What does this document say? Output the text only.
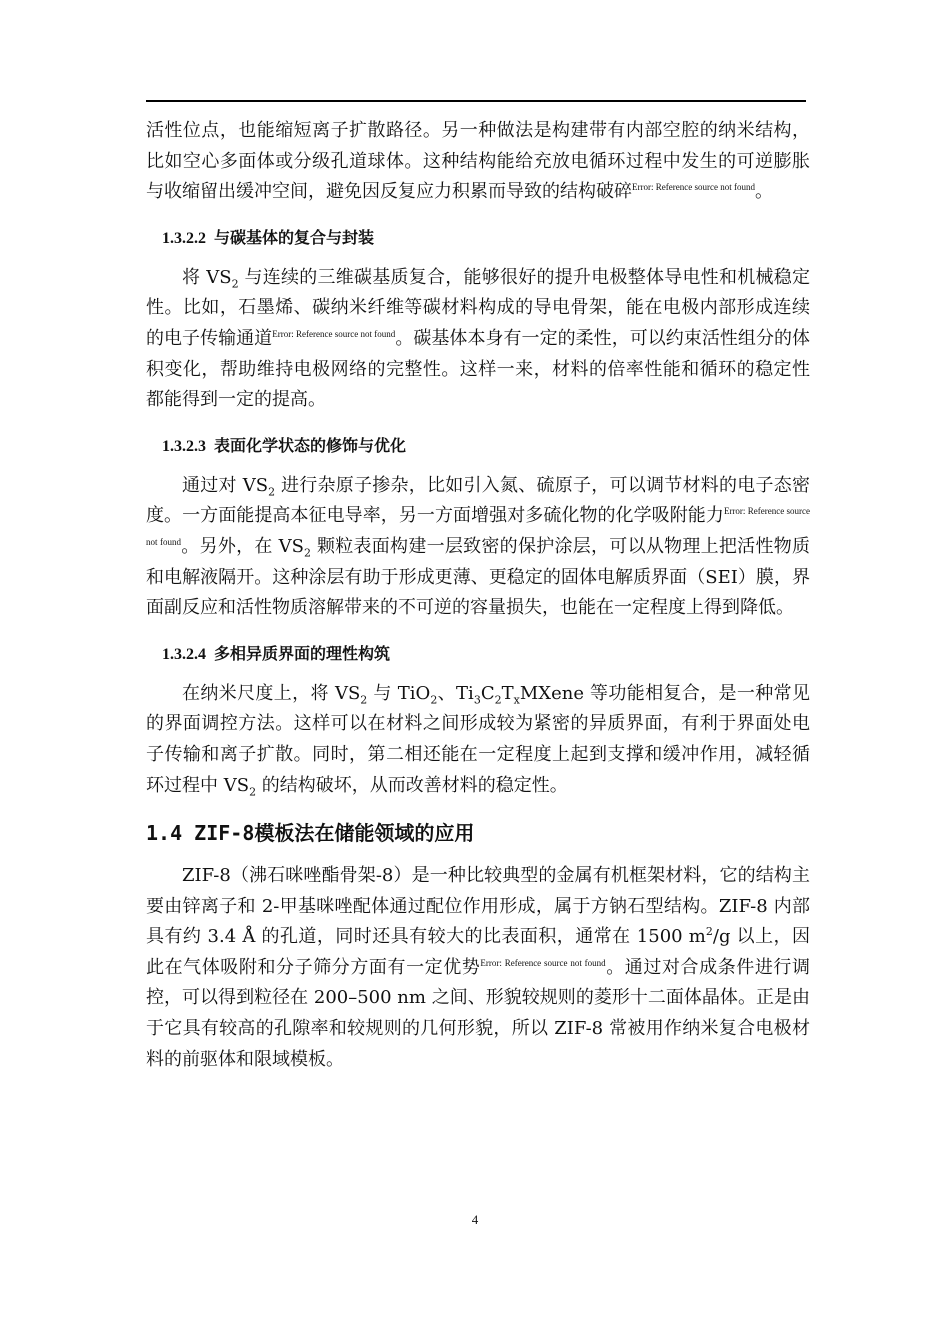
活性位点，也能缩短离子扩散路径。另一种做法是构建带有内部空腔的纳米结构，比如空心多面体或分级孔道球体。这种结构能给充放电循环过程中发生的可逆膨胀与收缩留出缓冲空间，避免因反复应力积累而导致的结构破碎$^{Error: Reference source not found}$。

1.3.2.2 与碳基体的复合与封装

将 $VS_2$ 与连续的三维碳基质复合，能够很好的提升电极整体导电性和机械稳定性。比如，石墨烯、碳纳米纤维等碳材料构成的导电骨架，能在电极内部形成连续的电子传输通道$^{Error: Reference source not found}$。碳基体本身有一定的柔性，可以约束活性组分的体积变化，帮助维持电极网络的完整性。这样一来，材料的倍率性能和循环的稳定性都能得到一定的提高。

1.3.2.3 表面化学状态的修饰与优化

通过对 $VS_2$ 进行杂原子掺杂，比如引入氮、硫原子，可以调节材料的电子态密度。一方面能提高本征电导率，另一方面增强对多硫化物的化学吸附能力$^{Error: Reference source not found}$。另外，在 $VS_2$ 颗粒表面构建一层致密的保护涂层，可以从物理上把活性物质和电解液隔开。这种涂层有助于形成更薄、更稳定的固体电解质界面（SEI）膜，界面副反应和活性物质溶解带来的不可逆的容量损失，也能在一定程度上得到降低。

1.3.2.4 多相异质界面的理性构筑

在纳米尺度上，将 $VS_2$ 与 TiO$_2$、$Ti_3C_2T_xMXene$ 等功能相复合，是一种常见的界面调控方法。这样可以在材料之间形成较为紧密的异质界面，有利于界面处电子传输和离子扩散。同时，第二相还能在一定程度上起到支撑和缓冲作用，减轻循环过程中 $VS_2$ 的结构破坏，从而改善材料的稳定性。

1.4 ZIF-8模板法在储能领域的应用

ZIF-8（沸石咪唑酯骨架-8）是一种比较典型的金属有机框架材料，它的结构主要由锌离子和 2-甲基咪唑配体通过配位作用形成，属于方钠石型结构。ZIF-8 内部具有约 3.4 Å 的孔道，同时还具有较大的比表面积，通常在 1500 $m^2/g$ 以上，因此在气体吸附和分子筛分方面有一定优势$^{Error: Reference source not found}$。通过对合成条件进行调控，可以得到粒径在 200–500 nm 之间、形貌较规则的菱形十二面体晶体。正是由于它具有较高的孔隙率和较规则的几何形貌，所以 ZIF-8 常被用作纳米复合电极材料的前驱体和限域模板。

4
